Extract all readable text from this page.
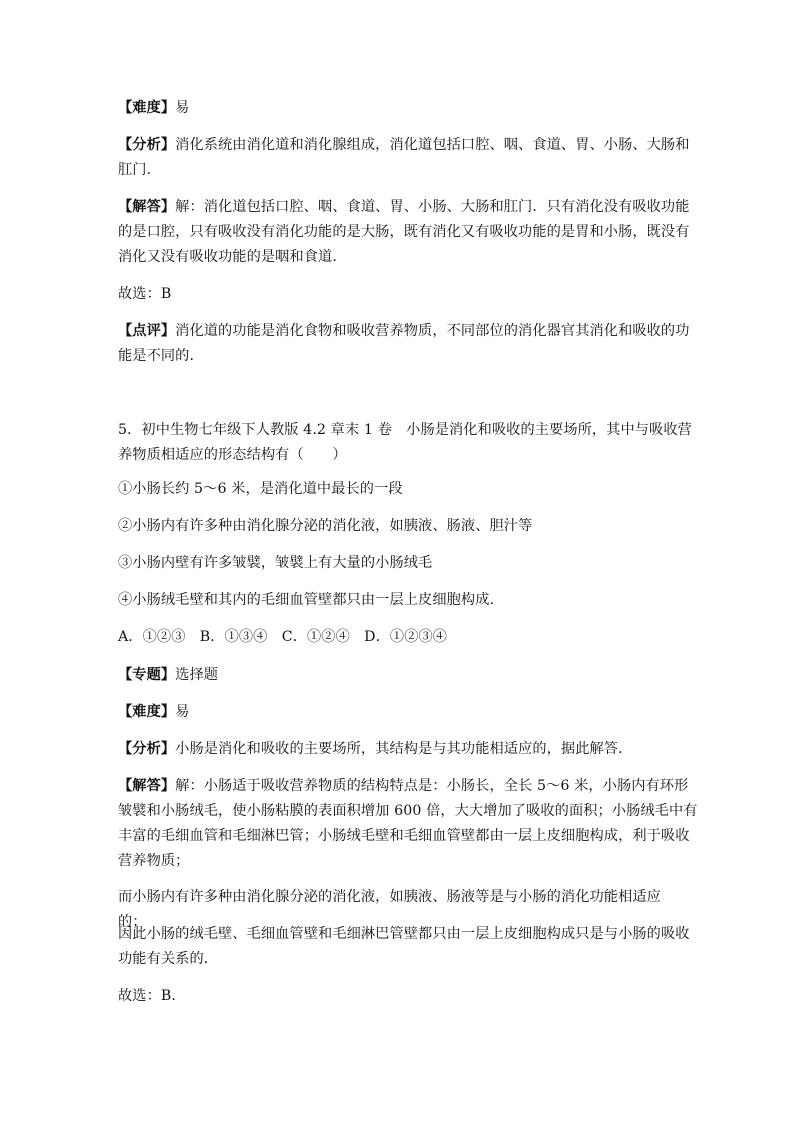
【难度】易

【分析】消化系统由消化道和消化腺组成，消化道包括口腔、咽、食道、胃、小肠、大肠和
肛门.

【解答】解：消化道包括口腔、咽、食道、胃、小肠、大肠和肛门．只有消化没有吸收功能
的是口腔，只有吸收没有消化功能的是大肠，既有消化又有吸收功能的是胃和小肠，既没有
消化又没有吸收功能的是咽和食道．

故选：B

【点评】消化道的功能是消化食物和吸收营养物质，不同部位的消化器官其消化和吸收的功
能是不同的．

5．初中生物七年级下人教版 4.2 章末 1 卷　小肠是消化和吸收的主要场所，其中与吸收营
养物质相适应的形态结构有（　　）

①小肠长约 5～6 米，是消化道中最长的一段

②小肠内有许多种由消化腺分泌的消化液，如胰液、肠液、胆汁等

③小肠内壁有许多皱襞，皱襞上有大量的小肠绒毛

④小肠绒毛壁和其内的毛细血管壁都只由一层上皮细胞构成.

A．①②③　B．①③④　C．①②④　D．①②③④

【专题】选择题

【难度】易

【分析】小肠是消化和吸收的主要场所，其结构是与其功能相适应的，据此解答．

【解答】解：小肠适于吸收营养物质的结构特点是：小肠长，全长 5～6 米，小肠内有环形
皱襞和小肠绒毛，使小肠粘膜的表面积增加 600 倍，大大增加了吸收的面积；小肠绒毛中有
丰富的毛细血管和毛细淋巴管；小肠绒毛壁和毛细血管壁都由一层上皮细胞构成，利于吸收
营养物质；

而小肠内有许多种由消化腺分泌的消化液，如胰液、肠液等是与小肠的消化功能相适应的；

因此小肠的绒毛壁、毛细血管壁和毛细淋巴管壁都只由一层上皮细胞构成只是与小肠的吸收
功能有关系的．

故选：B．
